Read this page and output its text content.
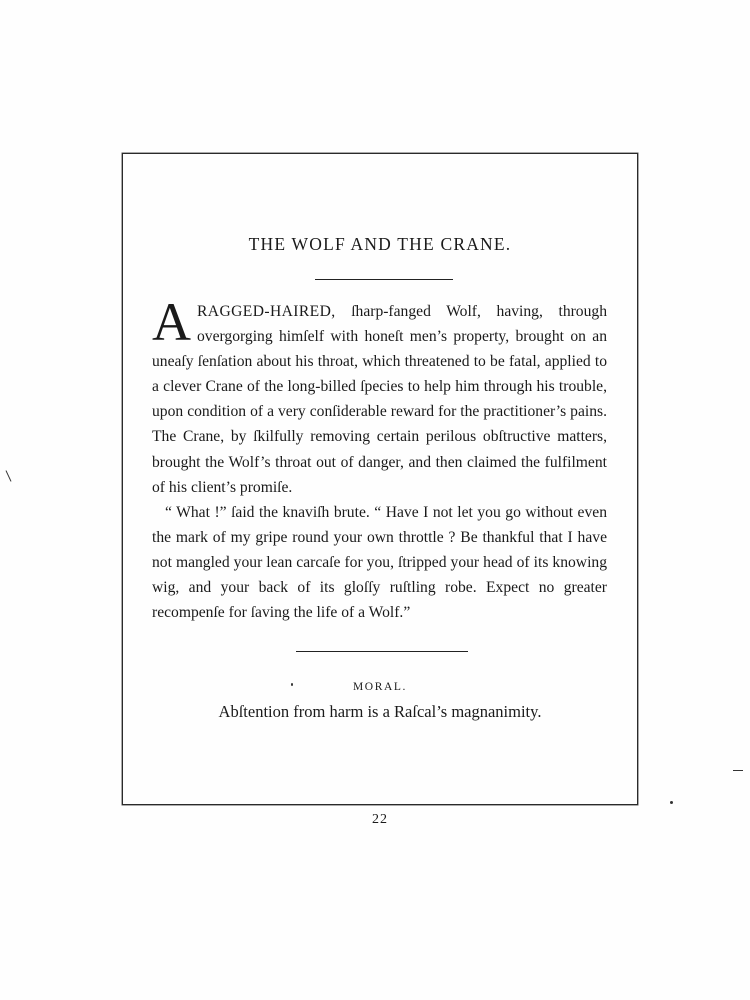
THE WOLF AND THE CRANE.

ARAGGED-HAIRED, ſharp-fanged Wolf, having, through overgorging himſelf with honeſt men’s property, brought on an uneaſy ſenſation about his throat, which threatened to be fatal, applied to a clever Crane of the long-billed ſpecies to help him through his trouble, upon condition of a very conſiderable reward for the practitioner’s pains. The Crane, by ſkilfully removing certain perilous obſtructive matters, brought the Wolf’s throat out of danger, and then claimed the fulfilment of his client’s promiſe.

“ What !” ſaid the knaviſh brute. “ Have I not let you go without even the mark of my gripe round your own throttle ? Be thankful that I have not mangled your lean carcaſe for you, ſtripped your head of its knowing wig, and your back of its gloſſy ruſtling robe. Expect no greater recompenſe for ſaving the life of a Wolf.”

MORAL.
Abſtention from harm is a Raſcal’s magnanimity.
22
